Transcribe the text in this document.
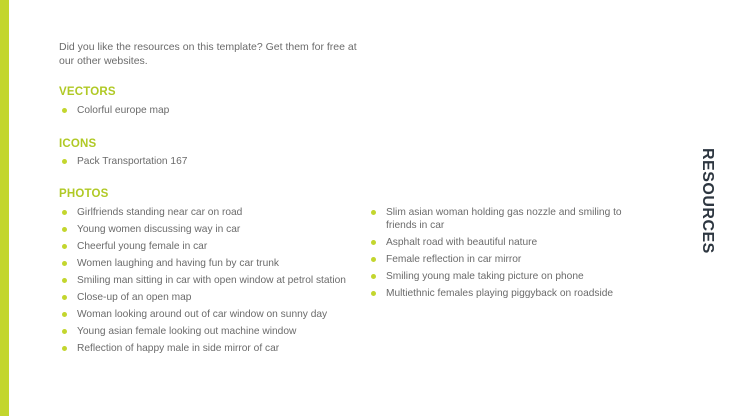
Did you like the resources on this template? Get them for free at our other websites.

VECTORS
Colorful europe map
ICONS
Pack Transportation 167
PHOTOS
Girlfriends standing near car on road
Young women discussing way in car
Cheerful young female in car
Women laughing and having fun by car trunk
Smiling man sitting in car with open window at petrol station
Close-up of an open map
Woman looking around out of car window on sunny day
Young asian female looking out machine window
Reflection of happy male in side mirror of car
Slim asian woman holding gas nozzle and smiling to friends in car
Asphalt road with beautiful nature
Female reflection in car mirror
Smiling young male taking picture on phone
Multiethnic females playing piggyback on roadside
RESOURCES
